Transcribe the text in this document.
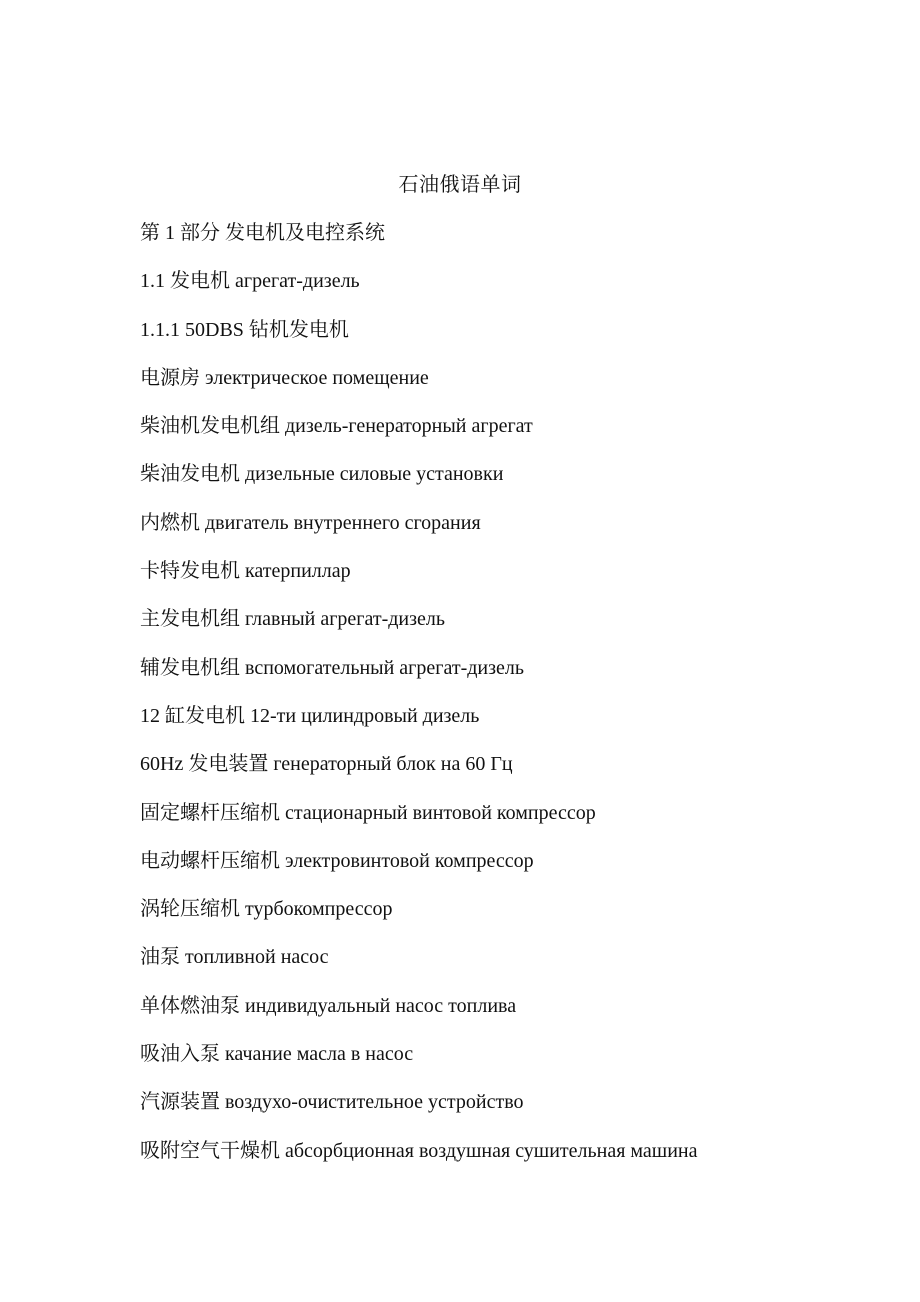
石油俄语单词
第 1 部分 发电机及电控系统
1.1 发电机 агрегат-дизель
1.1.1 50DBS 钻机发电机
电源房 электрическое помещение
柴油机发电机组 дизель-генераторный агрегат
柴油发电机 дизельные силовые установки
内燃机 двигатель внутреннего сгорания
卡特发电机 катерпиллар
主发电机组 главный агрегат-дизель
辅发电机组 вспомогательный агрегат-дизель
12 缸发电机 12-ти цилиндровый дизель
60Hz 发电装置 генераторный блок на 60 Гц
固定螺杆压缩机 стационарный винтовой компрессор
电动螺杆压缩机 электровинтовой компрессор
涡轮压缩机 турбокомпрессор
油泵 топливной насос
单体燃油泵 индивидуальный насос топлива
吸油入泵 качание масла в насос
汽源装置 воздухо-очистительное устройство
吸附空气干燥机 абсорбционная воздушная сушительная машина
